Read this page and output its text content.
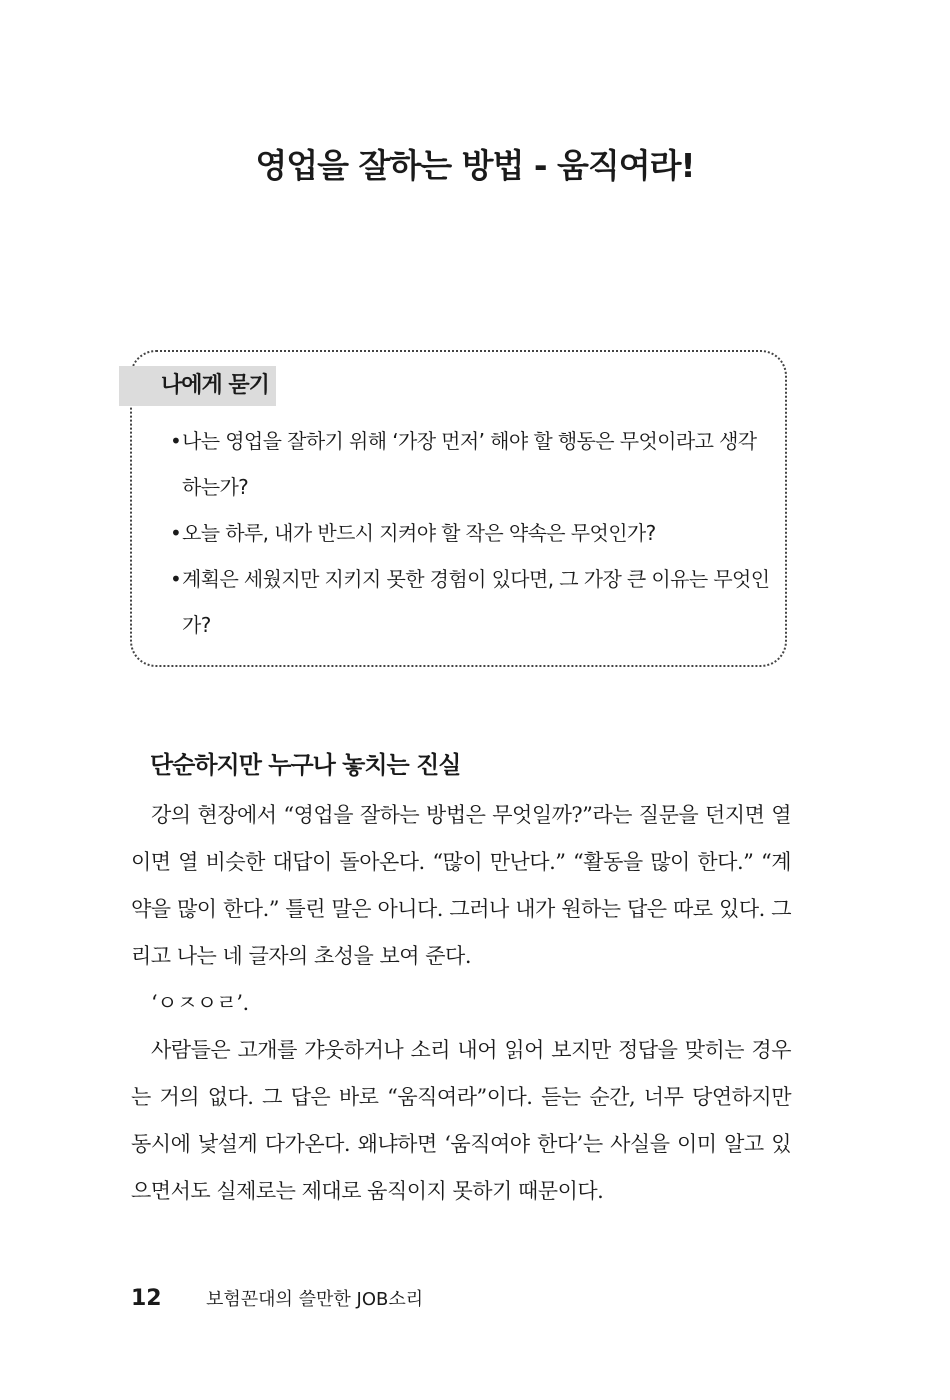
영업을 잘하는 방법 - 움직여라!
나에게 묻기
• 나는 영업을 잘하기 위해 ‘가장 먼저’ 해야 할 행동은 무엇이라고 생각하는가?
• 오늘 하루, 내가 반드시 지켜야 할 작은 약속은 무엇인가?
• 계획은 세웠지만 지키지 못한 경험이 있다면, 그 가장 큰 이유는 무엇인가?
단순하지만 누구나 놓치는 진실

강의 현장에서 “영업을 잘하는 방법은 무엇일까?”라는 질문을 던지면 열이면 열 비슷한 대답이 돌아온다. “많이 만난다.” “활동을 많이 한다.” “계약을 많이 한다.” 틀린 말은 아니다. 그러나 내가 원하는 답은 따로 있다. 그리고 나는 네 글자의 초성을 보여 준다.

‘ㅇㅈㅇㄹ’.

사람들은 고개를 갸웃하거나 소리 내어 읽어 보지만 정답을 맞히는 경우는 거의 없다. 그 답은 바로 “움직여라”이다. 듣는 순간, 너무 당연하지만 동시에 낯설게 다가온다. 왜냐하면 ‘움직여야 한다’는 사실을 이미 알고 있으면서도 실제로는 제대로 움직이지 못하기 때문이다.

12 보험꼰대의 쓸만한 JOB소리
